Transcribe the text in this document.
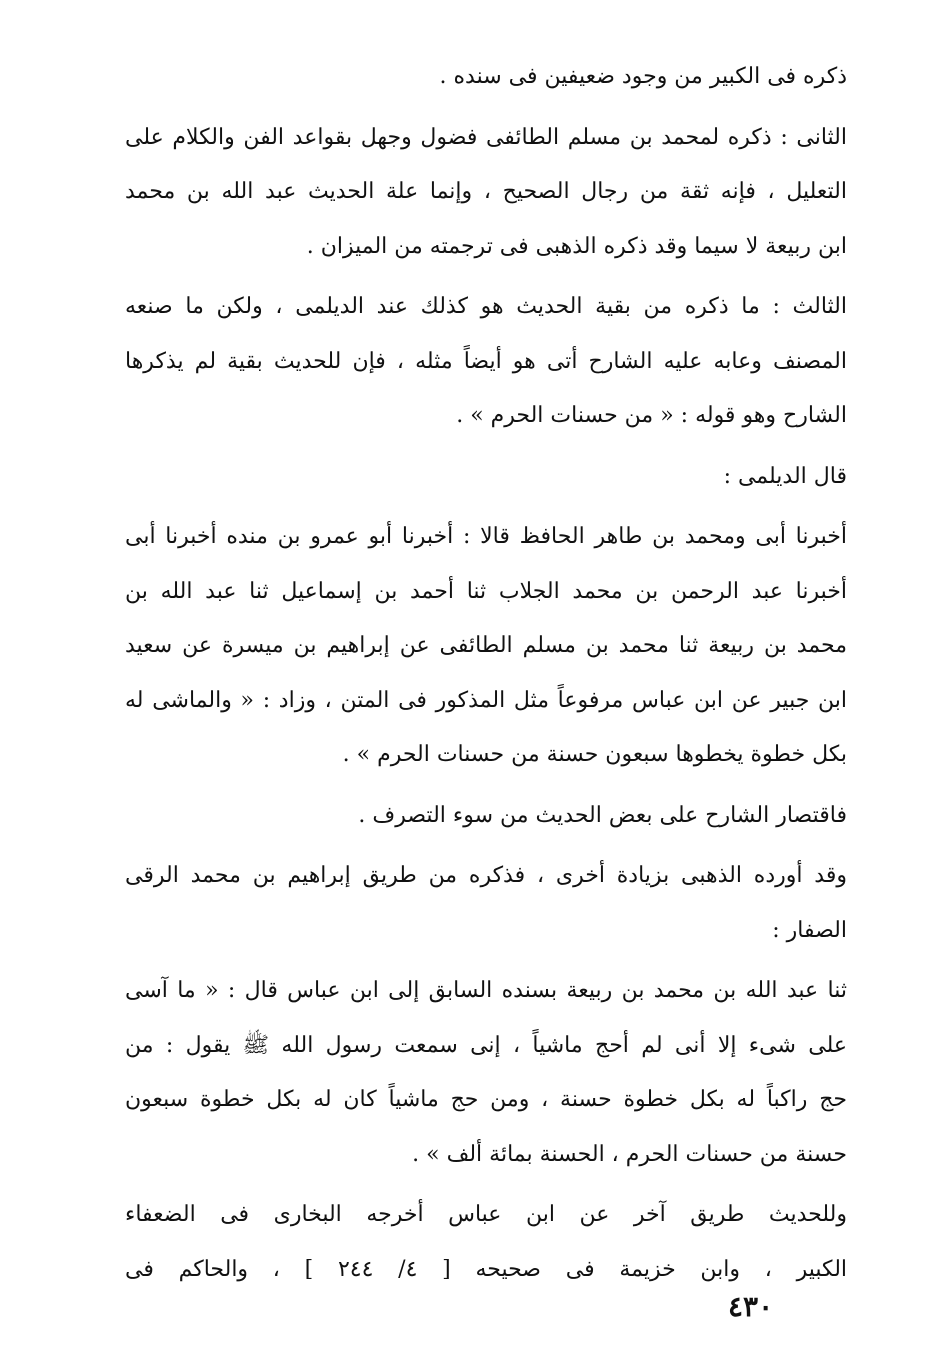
ذكره فى الكبير من وجود ضعيفين فى سنده .
الثانى : ذكره لمحمد بن مسلم الطائفى فضول وجهل بقواعد الفن والكلام على
التعليل ، فإنه ثقة من رجال الصحيح ، وإنما علة الحديث عبد الله بن محمد
ابن ربيعة لا سيما وقد ذكره الذهبى فى ترجمته من الميزان .
الثالث : ما ذكره من بقية الحديث هو كذلك عند الديلمى ، ولكن ما صنعه
المصنف وعابه عليه الشارح أتى هو أيضاً مثله ، فإن للحديث بقية لم يذكرها
الشارح وهو قوله : « من حسنات الحرم » .
قال الديلمى :
أخبرنا أبى ومحمد بن طاهر الحافظ قالا : أخبرنا أبو عمرو بن منده أخبرنا أبى
أخبرنا عبد الرحمن بن محمد الجلاب ثنا أحمد بن إسماعيل ثنا عبد الله بن
محمد بن ربيعة ثنا محمد بن مسلم الطائفى عن إبراهيم بن ميسرة عن سعيد
ابن جبير عن ابن عباس مرفوعاً مثل المذكور فى المتن ، وزاد : « والماشى له
بكل خطوة يخطوها سبعون حسنة من حسنات الحرم » .
فاقتصار الشارح على بعض الحديث من سوء التصرف .
وقد أورده الذهبى بزيادة أخرى ، فذكره من طريق إبراهيم بن محمد الرقى
الصفار :
ثنا عبد الله بن محمد بن ربيعة بسنده السابق إلى ابن عباس قال : « ما آسى
على شىء إلا أنى لم أحج ماشياً ، إنى سمعت رسول الله ﷺ يقول : من
حج راكباً له بكل خطوة حسنة ، ومن حج ماشياً كان له بكل خطوة سبعون
حسنة من حسنات الحرم ، الحسنة بمائة ألف » .
وللحديث طريق آخر عن ابن عباس أخرجه البخارى فى الضعفاء
الكبير ، وابن خزيمة فى صحيحه [ ٤/ ٢٤٤ ] ، والحاكم فى
٤٣٠
